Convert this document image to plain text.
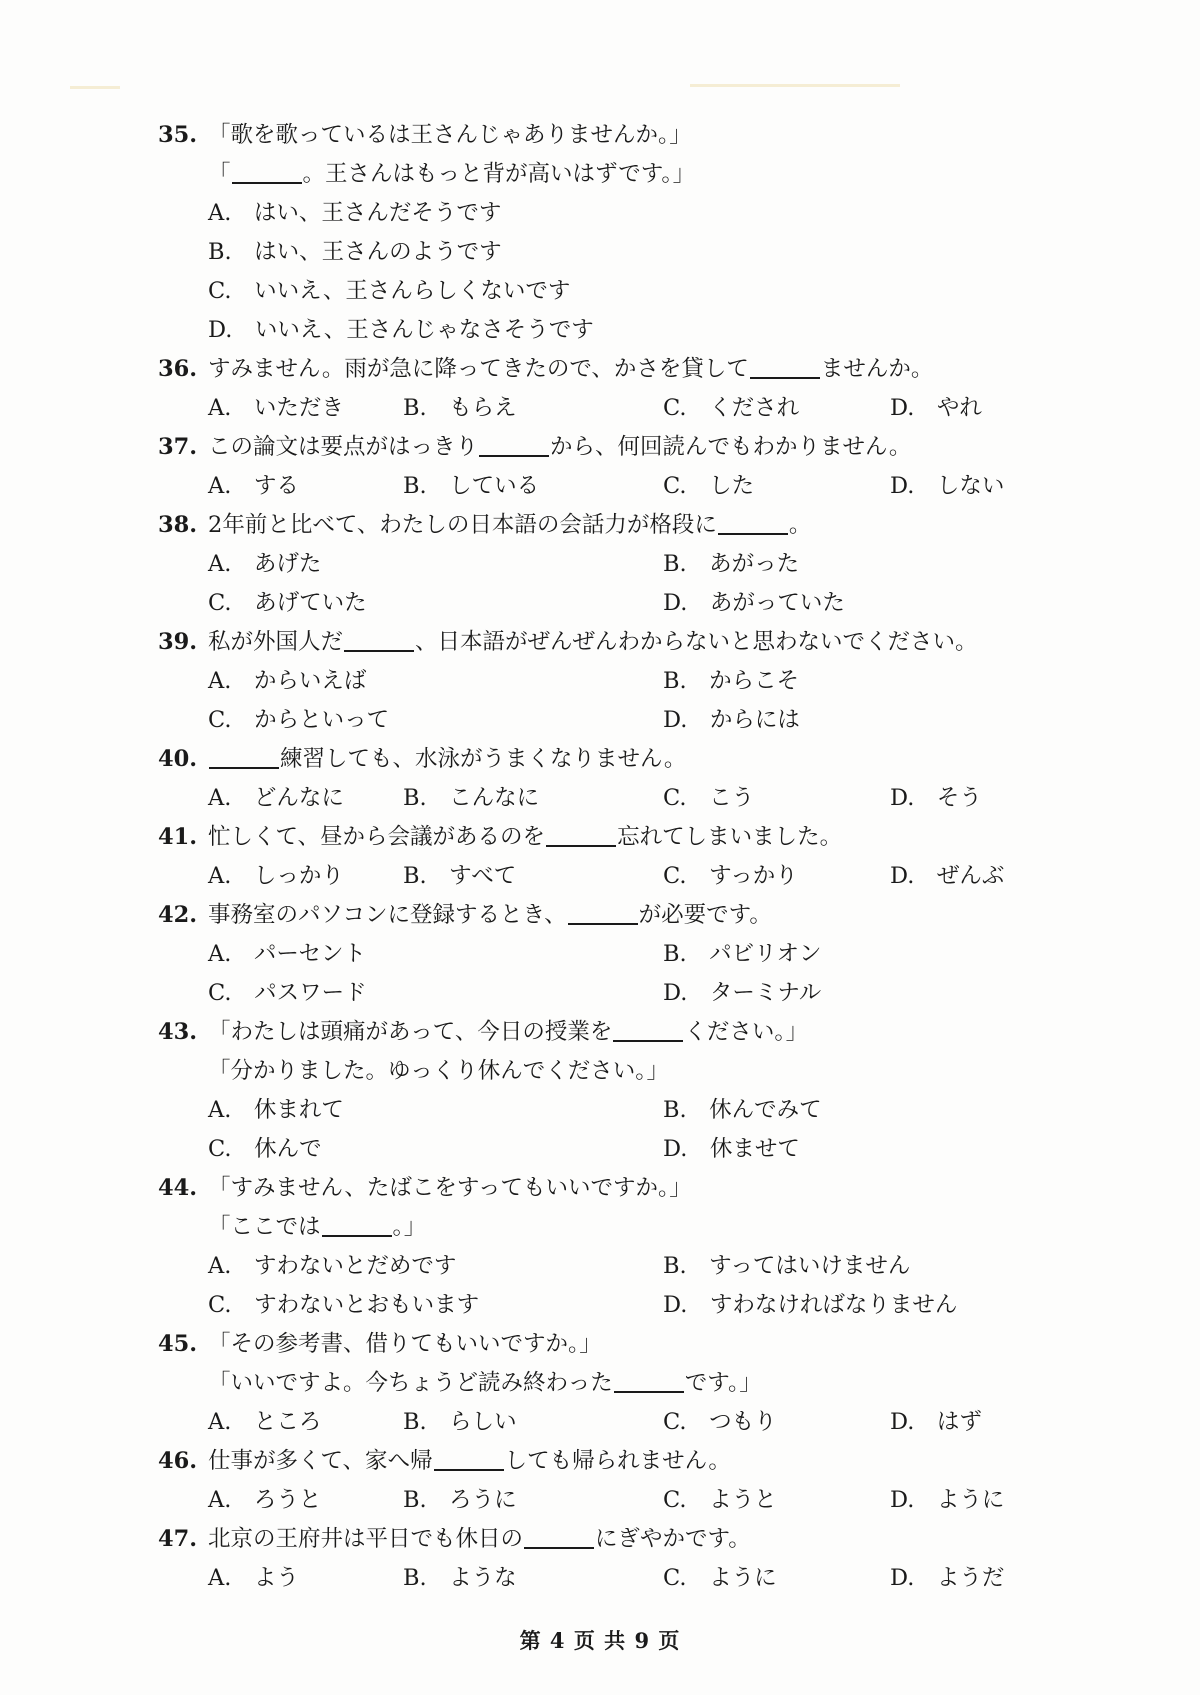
35. 「歌を歌っているは王さんじゃありませんか。」
「	。王さんはもっと背が高いはずです。」
A.　はい、王さんだそうです
B.　はい、王さんのようです
C.　いいえ、王さんらしくないです
D.　いいえ、王さんじゃなさそうです
36. すみません。雨が急に降ってきたので、かさを貸して	ませんか。
A.　いただき	B.　もらえ	C.　くだされ	D.　やれ
37. この論文は要点がはっきり	から、何回読んでもわかりません。
A.　する	B.　している	C.　した	D.　しない
38. 2年前と比べて、わたしの日本語の会話力が格段に	。
A.　あげた	B.　あがった
C.　あげていた	D.　あがっていた
39. 私が外国人だ	、日本語がぜんぜんわからないと思わないでください。
A.　からいえば	B.　からこそ
C.　からといって	D.　からには
40.	練習しても、水泳がうまくなりません。
A.　どんなに	B.　こんなに	C.　こう	D.　そう
41. 忙しくて、昼から会議があるのを	忘れてしまいました。
A.　しっかり	B.　すべて	C.　すっかり	D.　ぜんぶ
42. 事務室のパソコンに登録するとき、	が必要です。
A.　パーセント	B.　パビリオン
C.　パスワード	D.　ターミナル
43. 「わたしは頭痛があって、今日の授業を	ください。」
「分かりました。ゆっくり休んでください。」
A.　休まれて	B.　休んでみて
C.　休んで	D.　休ませて
44. 「すみません、たばこをすってもいいですか。」
「ここでは	。」
A.　すわないとだめです	B.　すってはいけません
C.　すわないとおもいます	D.　すわなければなりません
45. 「その参考書、借りてもいいですか。」
「いいですよ。今ちょうど読み終わった	です。」
A.　ところ	B.　らしい	C.　つもり	D.　はず
46. 仕事が多くて、家へ帰	しても帰られません。
A.　ろうと	B.　ろうに	C.　ようと	D.　ように
47. 北京の王府井は平日でも休日の	にぎやかです。
A.　よう	B.　ような	C.　ように	D.　ようだ
第 4 页 共 9 页
